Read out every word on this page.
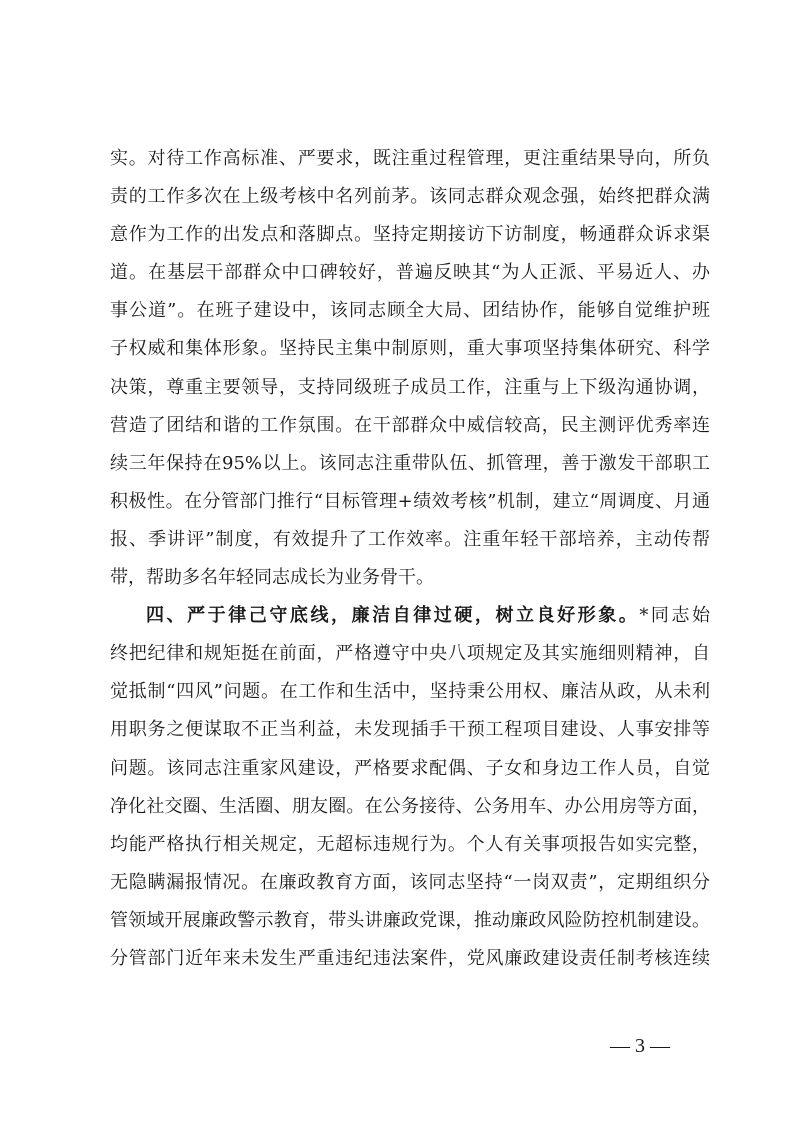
实。对待工作高标准、严要求，既注重过程管理，更注重结果导向，所负
责的工作多次在上级考核中名列前茅。该同志群众观念强，始终把群众满
意作为工作的出发点和落脚点。坚持定期接访下访制度，畅通群众诉求渠
道。在基层干部群众中口碑较好，普遍反映其“为人正派、平易近人、办
事公道”。在班子建设中，该同志顾全大局、团结协作，能够自觉维护班
子权威和集体形象。坚持民主集中制原则，重大事项坚持集体研究、科学
决策，尊重主要领导，支持同级班子成员工作，注重与上下级沟通协调，
营造了团结和谐的工作氛围。在干部群众中威信较高，民主测评优秀率连
续三年保持在95%以上。该同志注重带队伍、抓管理，善于激发干部职工
积极性。在分管部门推行“目标管理+绩效考核”机制，建立“周调度、月通
报、季讲评”制度，有效提升了工作效率。注重年轻干部培养，主动传帮
带，帮助多名年轻同志成长为业务骨干。
四、严于律己守底线，廉洁自律过硬，树立良好形象。*同志始
终把纪律和规矩挺在前面，严格遵守中央八项规定及其实施细则精神，自
觉抵制“四风”问题。在工作和生活中，坚持秉公用权、廉洁从政，从未利
用职务之便谋取不正当利益，未发现插手干预工程项目建设、人事安排等
问题。该同志注重家风建设，严格要求配偶、子女和身边工作人员，自觉
净化社交圈、生活圈、朋友圈。在公务接待、公务用车、办公用房等方面，
均能严格执行相关规定，无超标违规行为。个人有关事项报告如实完整，
无隐瞒漏报情况。在廉政教育方面，该同志坚持“一岗双责”，定期组织分
管领域开展廉政警示教育，带头讲廉政党课，推动廉政风险防控机制建设。
分管部门近年来未发生严重违纪违法案件，党风廉政建设责任制考核连续
— 3 —
